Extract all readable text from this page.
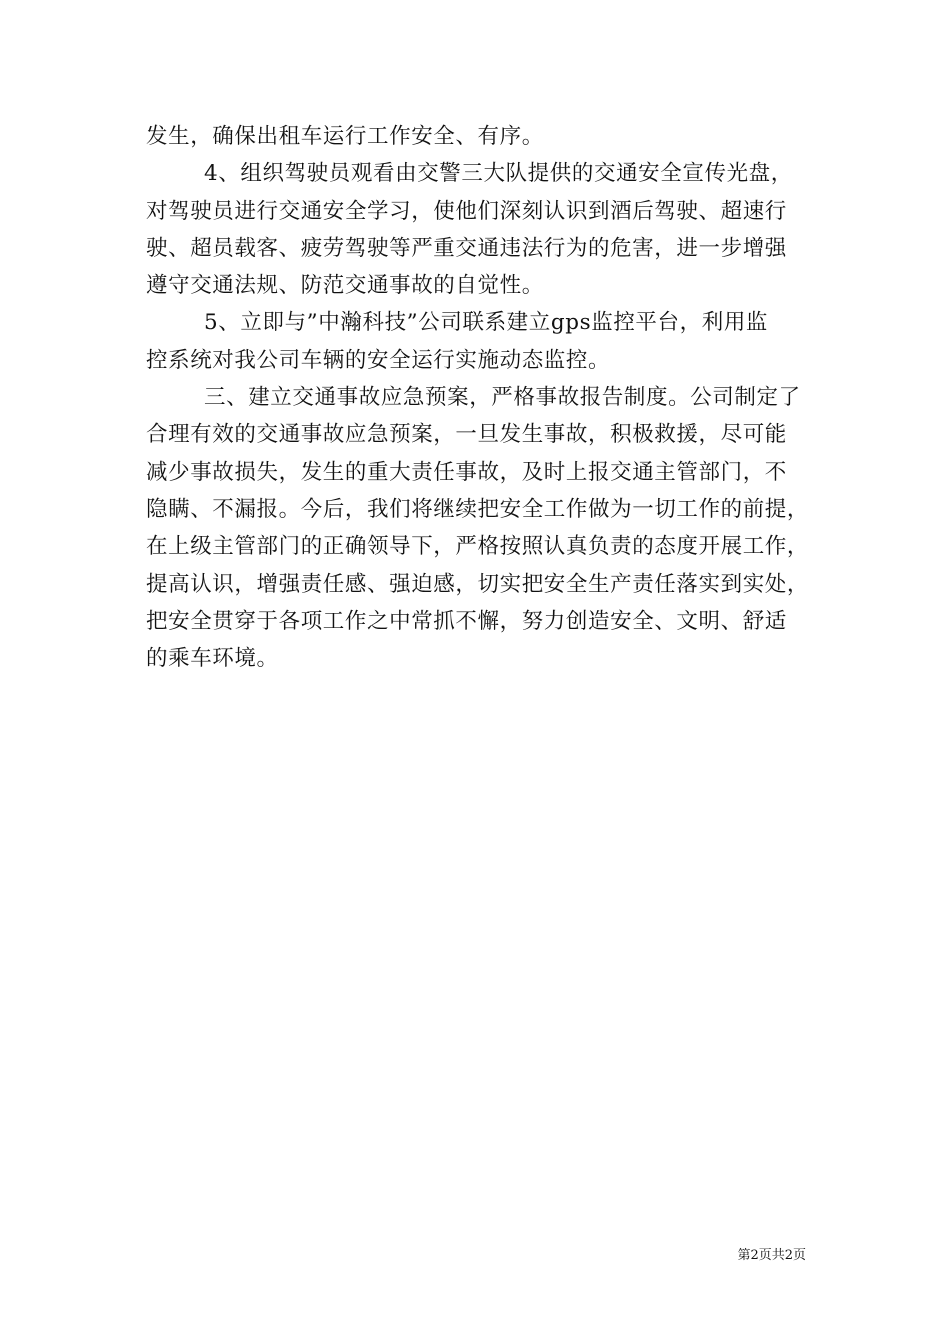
发生，确保出租车运行工作安全、有序。
4、组织驾驶员观看由交警三大队提供的交通安全宣传光盘，
对驾驶员进行交通安全学习，使他们深刻认识到酒后驾驶、超速行
驶、超员载客、疲劳驾驶等严重交通违法行为的危害，进一步增强
遵守交通法规、防范交通事故的自觉性。
5、立即与”中瀚科技”公司联系建立gps监控平台，利用监
控系统对我公司车辆的安全运行实施动态监控。
三、建立交通事故应急预案，严格事故报告制度。公司制定了
合理有效的交通事故应急预案，一旦发生事故，积极救援，尽可能
减少事故损失，发生的重大责任事故，及时上报交通主管部门，不
隐瞒、不漏报。今后，我们将继续把安全工作做为一切工作的前提，
在上级主管部门的正确领导下，严格按照认真负责的态度开展工作，
提高认识，增强责任感、强迫感，切实把安全生产责任落实到实处，
把安全贯穿于各项工作之中常抓不懈，努力创造安全、文明、舒适
的乘车环境。
第2页共2页
